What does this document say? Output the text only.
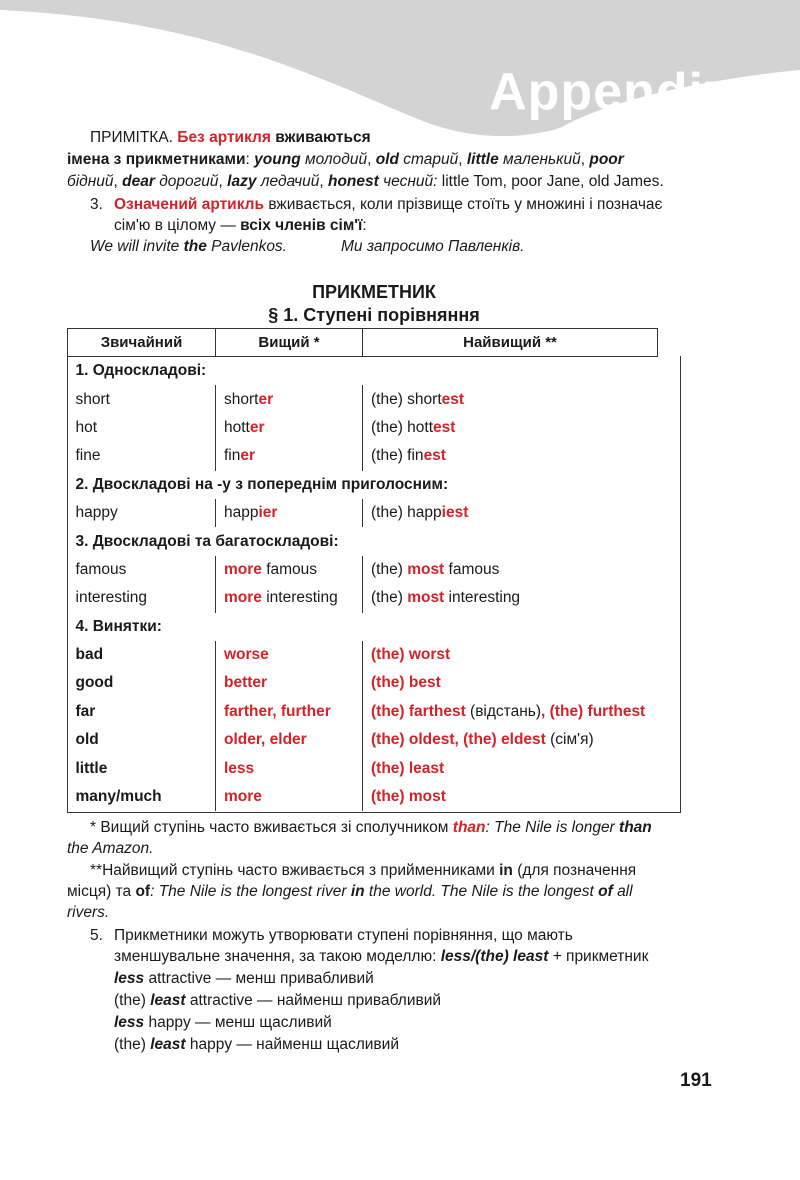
Appendix
ПРИМІТКА. Без артикля вживаються
імена з прикметниками: young молодий, old старий, little маленький, poor
бідний, dear дорогий, lazy ледачий, honest чесний: little Tom, poor Jane, old James.
3. Означений артикль вживається, коли прізвище стоїть у множині і позначає
сім'ю в цілому — всіх членів сім'ї:
We will invite the Pavlenkos.	Ми запросимо Павленків.
ПРИКМЕТНИК
§ 1. Ступені порівняння
Звичайний	Вищий *	Найвищий **
1. Односкладові:		
short	shorter	(the) shortest
hot	hotter	(the) hottest
fine	finer	(the) finest
2. Двоскладові на -y з попереднім приголосним:		
happy	happier	(the) happiest
3. Двоскладові та багатоскладові:		
famous	more famous	(the) most famous
interesting	more interesting	(the) most interesting
4. Винятки:		
bad	worse	(the) worst
good	better	(the) best
far	farther, further	(the) farthest (відстань), (the) furthest
old	older, elder	(the) oldest, (the) eldest (сім'я)
little	less	(the) least
many/much	more	(the) most
* Вищий ступінь часто вживається зі сполучником than: The Nile is longer than
the Amazon.
**Найвищий ступінь часто вживається з прийменниками in (для позначення
місця) та of: The Nile is the longest river in the world. The Nile is the longest of all
rivers.
5. Прикметники можуть утворювати ступені порівняння, що мають
зменшувальне значення, за такою моделлю: less/(the) least + прикметник
less attractive — менш привабливий
(the) least attractive — найменш привабливий
less happy — менш щасливий
(the) least happy — найменш щасливий
191
